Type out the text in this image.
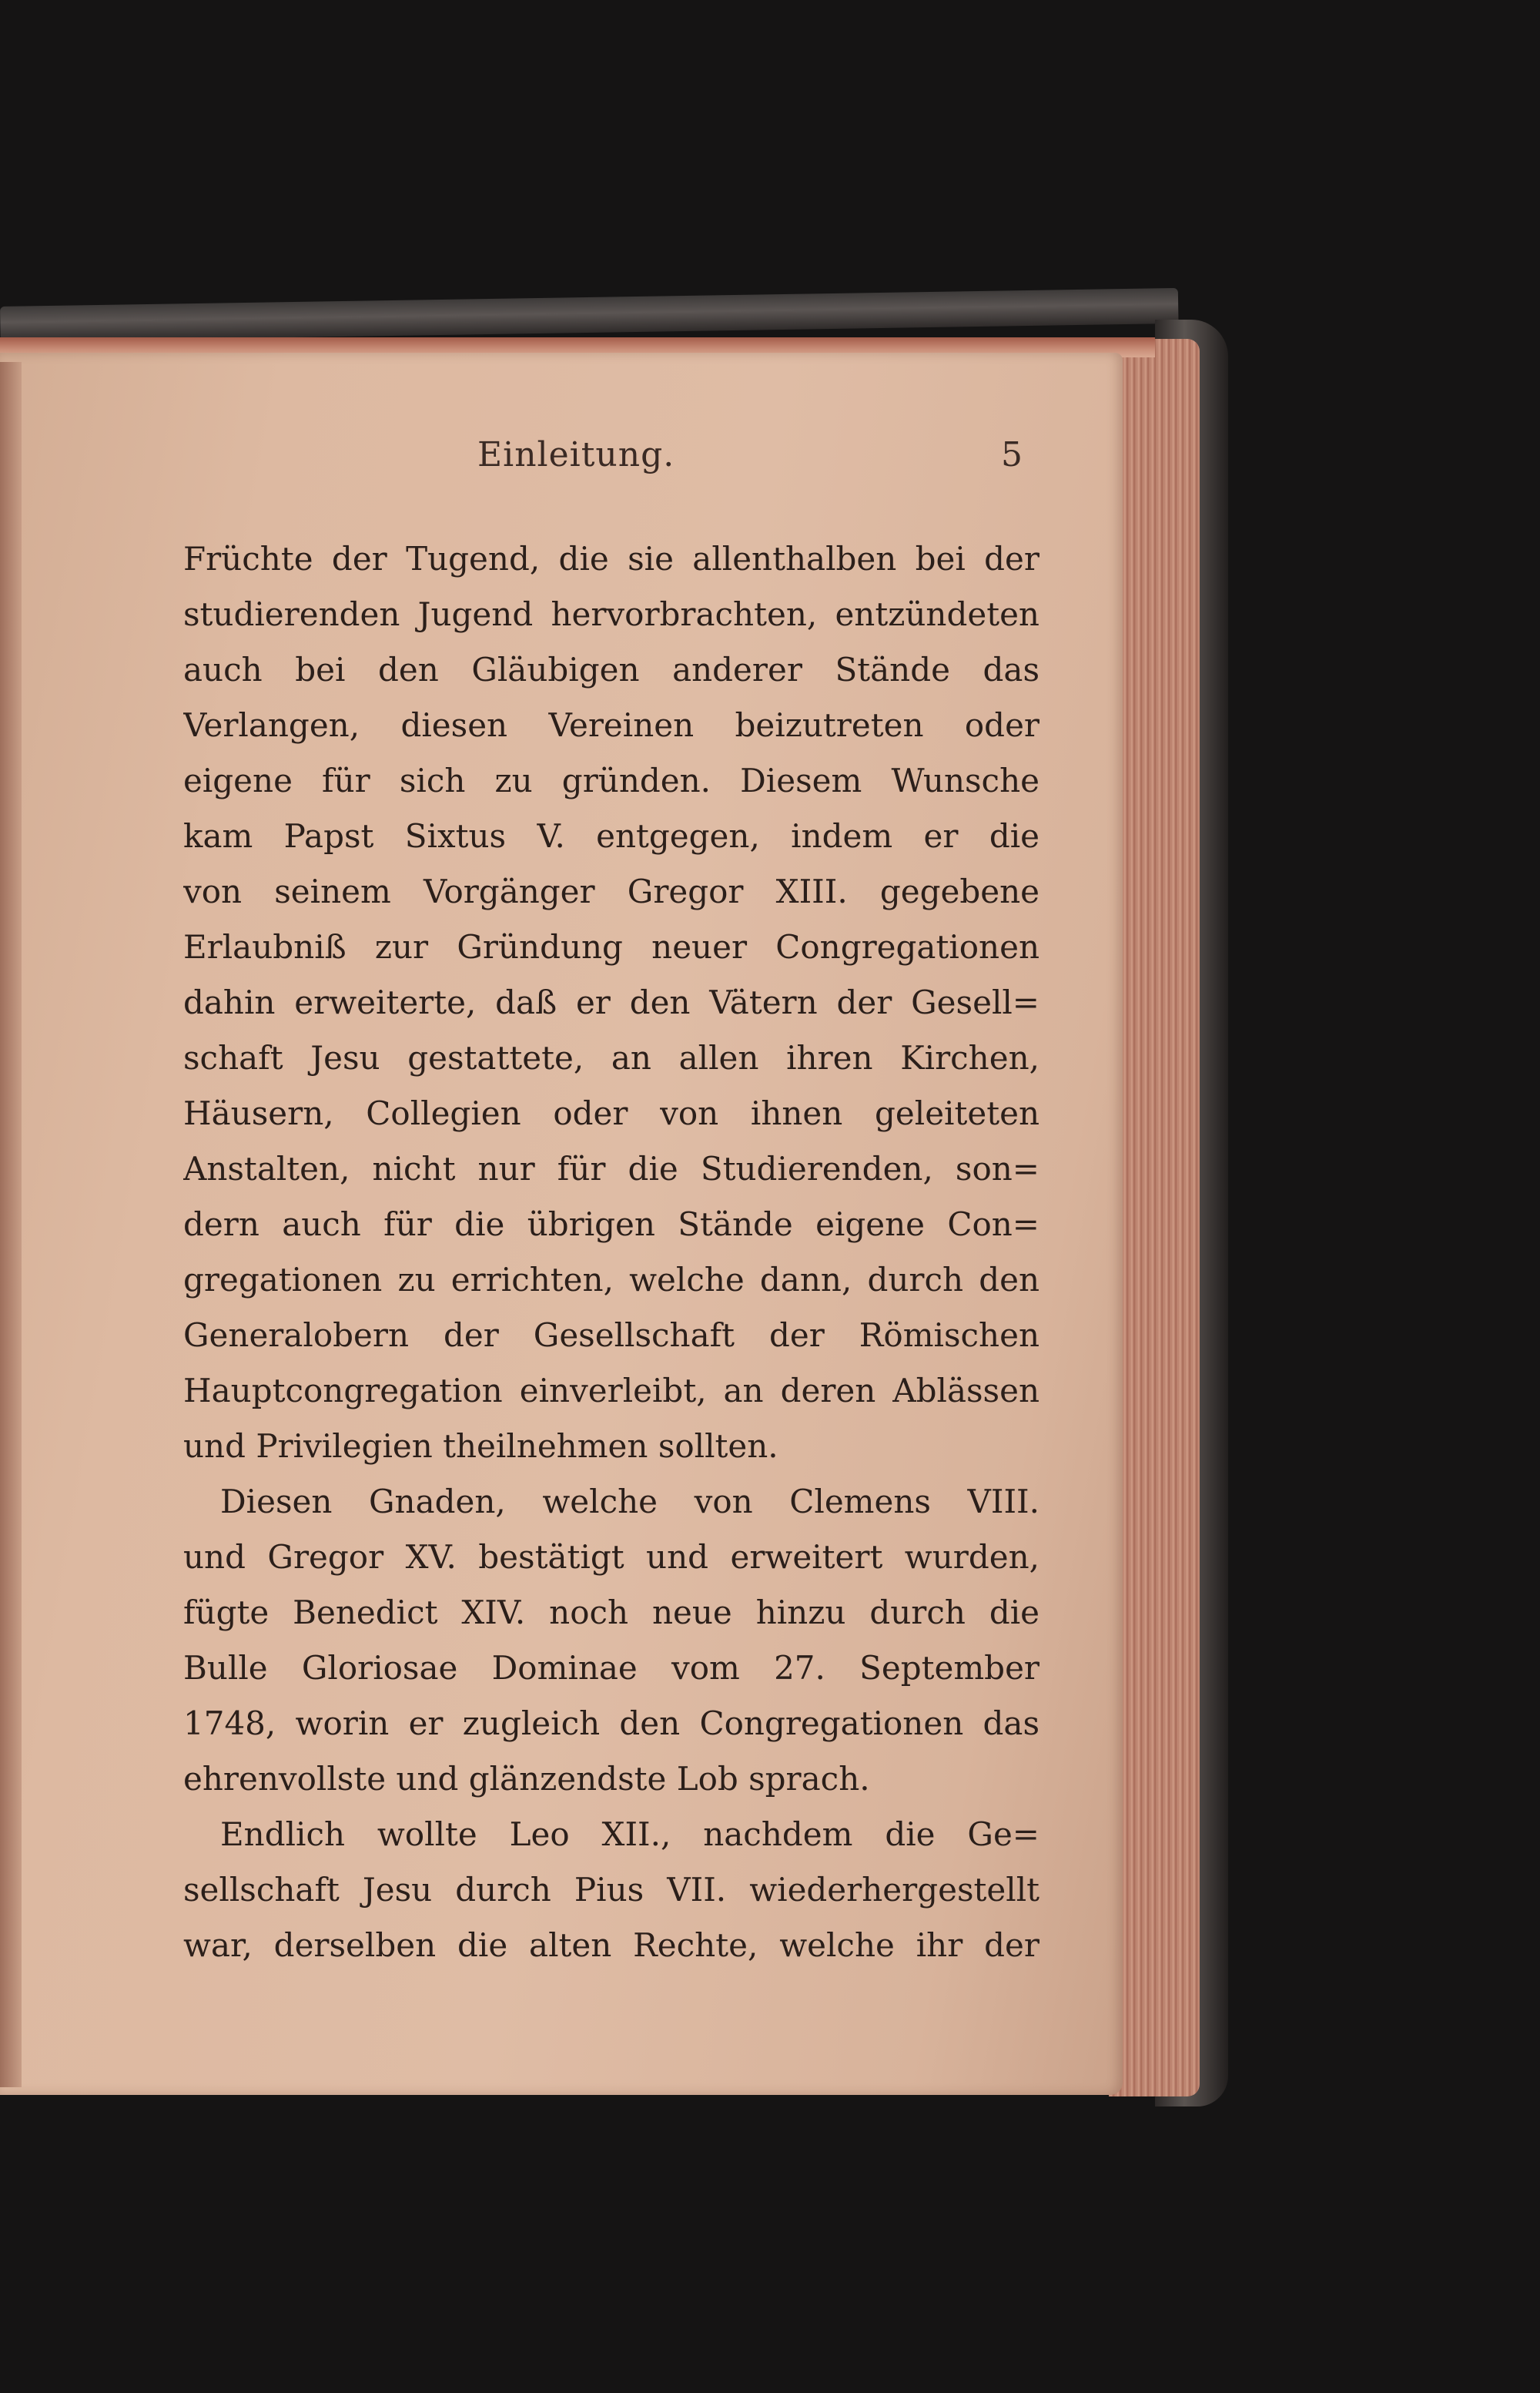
Einleitung.	5
Früchte der Tugend, die sie allenthalben bei der
studierenden Jugend hervorbrachten, entzündeten
auch bei den Gläubigen anderer Stände das
Verlangen, diesen Vereinen beizutreten oder
eigene für sich zu gründen. Diesem Wunsche
kam Papst Sixtus V. entgegen, indem er die
von seinem Vorgänger Gregor XIII. gegebene
Erlaubniß zur Gründung neuer Congregationen
dahin erweiterte, daß er den Vätern der Gesell=
schaft Jesu gestattete, an allen ihren Kirchen,
Häusern, Collegien oder von ihnen geleiteten
Anstalten, nicht nur für die Studierenden, son=
dern auch für die übrigen Stände eigene Con=
gregationen zu errichten, welche dann, durch den
Generalobern der Gesellschaft der Römischen
Hauptcongregation einverleibt, an deren Ablässen
und Privilegien theilnehmen sollten.
Diesen Gnaden, welche von Clemens VIII.
und Gregor XV. bestätigt und erweitert wurden,
fügte Benedict XIV. noch neue hinzu durch die
Bulle Gloriosae Dominae vom 27. September
1748, worin er zugleich den Congregationen das
ehrenvollste und glänzendste Lob sprach.
Endlich wollte Leo XII., nachdem die Ge=
sellschaft Jesu durch Pius VII. wiederhergestellt
war, derselben die alten Rechte, welche ihr der
